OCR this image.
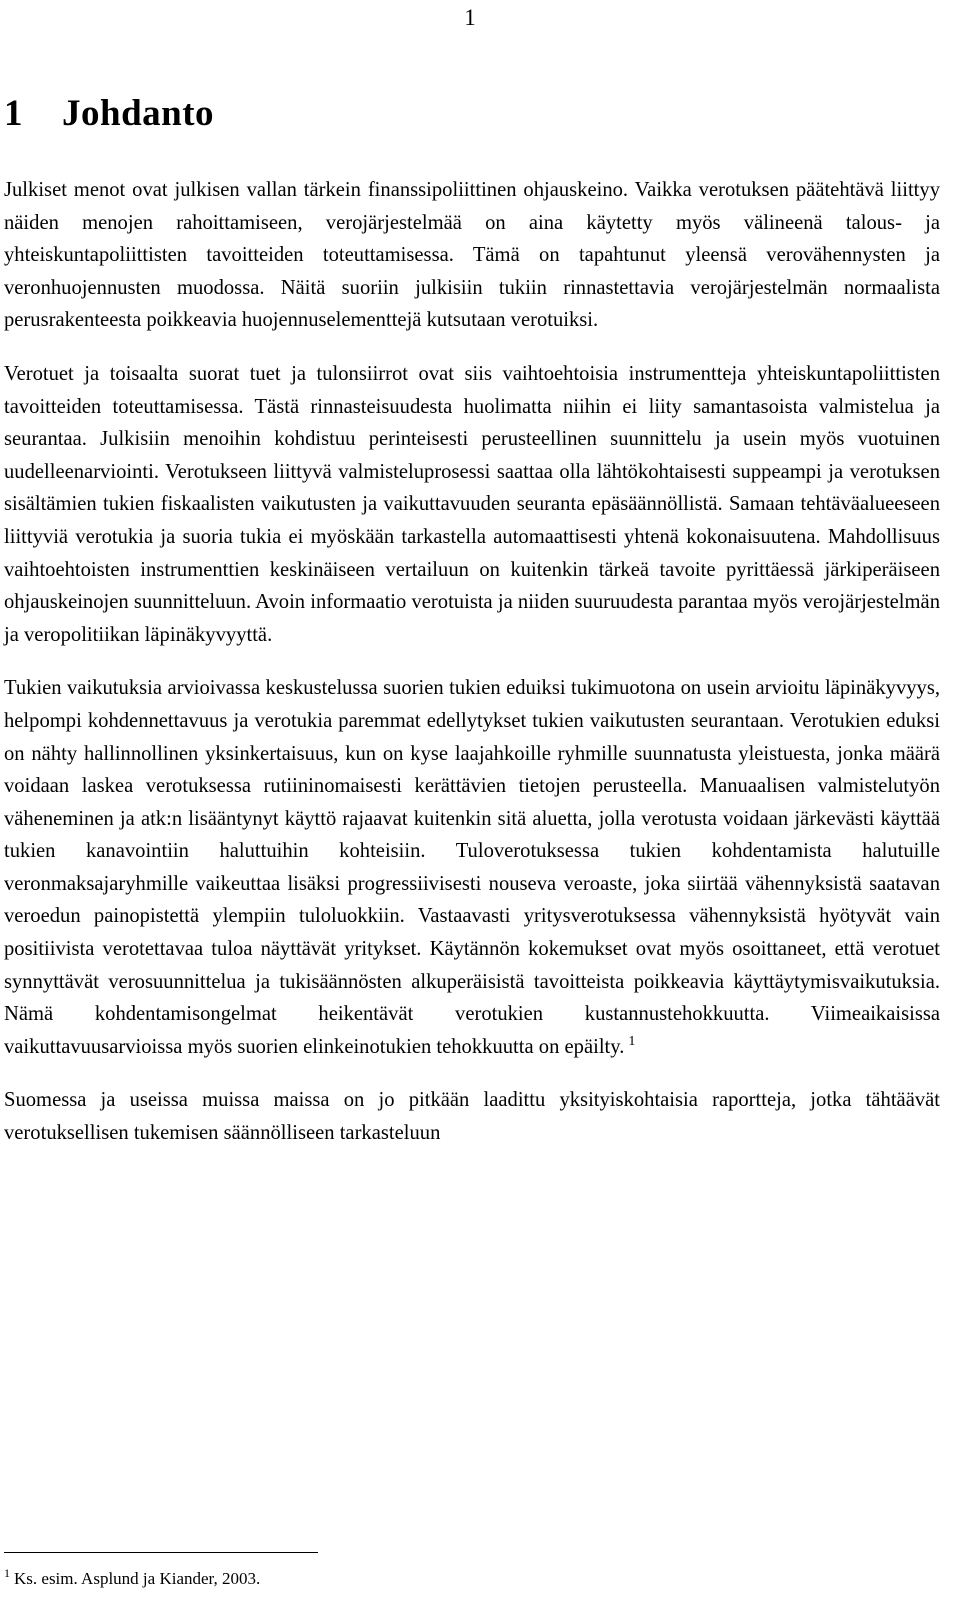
1
1 Johdanto

Julkiset menot ovat julkisen vallan tärkein finanssipoliittinen ohjauskeino. Vaikka verotuksen päätehtävä liittyy näiden menojen rahoittamiseen, verojärjestelmää on aina käytetty myös välineenä talous- ja yhteiskuntapoliittisten tavoitteiden toteuttamisessa. Tämä on tapahtunut yleensä verovähennysten ja veronhuojennusten muodossa. Näitä suoriin julkisiin tukiin rinnastettavia verojärjestelmän normaalista perusrakenteesta poikkeavia huojennuselementtejä kutsutaan verotuiksi.

Verotuet ja toisaalta suorat tuet ja tulonsiirrot ovat siis vaihtoehtoisia instrumentteja yhteiskuntapoliittisten tavoitteiden toteuttamisessa. Tästä rinnasteisuudesta huolimatta niihin ei liity samantasoista valmistelua ja seurantaa. Julkisiin menoihin kohdistuu perinteisesti perusteellinen suunnittelu ja usein myös vuotuinen uudelleenarviointi. Verotukseen liittyvä valmisteluprosessi saattaa olla lähtökohtaisesti suppeampi ja verotuksen sisältämien tukien fiskaalisten vaikutusten ja vaikuttavuuden seuranta epäsäännöllistä. Samaan tehtäväalueeseen liittyviä verotukia ja suoria tukia ei myöskään tarkastella automaattisesti yhtenä kokonaisuutena. Mahdollisuus vaihtoehtoisten instrumenttien keskinäiseen vertailuun on kuitenkin tärkeä tavoite pyrittäessä järkiperäiseen ohjauskeinojen suunnitteluun. Avoin informaatio verotuista ja niiden suuruudesta parantaa myös verojärjestelmän ja veropolitiikan läpinäkyvyyttä.

Tukien vaikutuksia arvioivassa keskustelussa suorien tukien eduiksi tukimuotona on usein arvioitu läpinäkyvyys, helpompi kohdennettavuus ja verotukia paremmat edellytykset tukien vaikutusten seurantaan. Verotukien eduksi on nähty hallinnollinen yksinkertaisuus, kun on kyse laajahkoille ryhmille suunnatusta yleistuesta, jonka määrä voidaan laskea verotuksessa rutiininomaisesti kerättävien tietojen perusteella. Manuaalisen valmistelutyön väheneminen ja atk:n lisääntynyt käyttö rajaavat kuitenkin sitä aluetta, jolla verotusta voidaan järkevästi käyttää tukien kanavointiin haluttuihin kohteisiin. Tuloverotuksessa tukien kohdentamista halutuille veronmaksajaryhmille vaikeuttaa lisäksi progressiivisesti nouseva veroaste, joka siirtää vähennyksistä saatavan veroedun painopistettä ylempiin tuloluokkiin. Vastaavasti yritysverotuksessa vähennyksistä hyötyvät vain positiivista verotettavaa tuloa näyttävät yritykset. Käytännön kokemukset ovat myös osoittaneet, että verotuet synnyttävät verosuunnittelua ja tukisäännösten alkuperäisistä tavoitteista poikkeavia käyttäytymisvaikutuksia. Nämä kohdentamisongelmat heikentävät verotukien kustannustehokkuutta. Viimeaikaisissa vaikuttavuusarvioissa myös suorien elinkeinotukien tehokkuutta on epäilty. $^1$

Suomessa ja useissa muissa maissa on jo pitkään laadittu yksityiskohtaisia raportteja, jotka tähtäävät verotuksellisen tukemisen säännölliseen tarkasteluun

$^1$ Ks. esim. Asplund ja Kiander, 2003.
